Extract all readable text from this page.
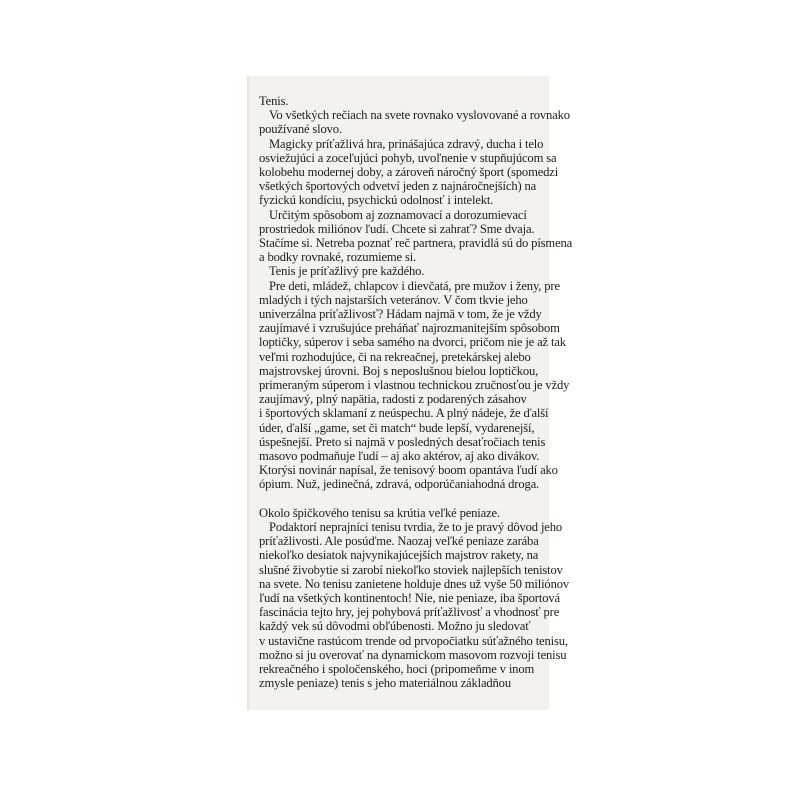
Tenis.
Vo všetkých rečiach na svete rovnako vyslovované a rovnako
používané slovo.
Magicky príťažlivá hra, prinášajúca zdravý, ducha i telo
osviežujúci a zoceľujúci pohyb, uvoľnenie v stupňujúcom sa
kolobehu modernej doby, a zároveň náročný šport (spomedzi
všetkých športových odvetví jeden z najnáročnejších) na
fyzickú kondíciu, psychickú odolnosť i intelekt.
Určitým spôsobom aj zoznamovací a dorozumievací
prostriedok miliónov ľudí. Chcete si zahrať? Sme dvaja.
Stačíme si. Netreba poznať reč partnera, pravidlá sú do písmena
a bodky rovnaké, rozumieme si.
Tenis je príťažlivý pre každého.
Pre deti, mládež, chlapcov i dievčatá, pre mužov i ženy, pre
mladých i tých najstarších veteránov. V čom tkvie jeho
univerzálna príťažlivosť? Hádam najmä v tom, že je vždy
zaujímavé i vzrušujúce preháňať najrozmanitejším spôsobom
loptičky, súperov i seba samého na dvorci, pričom nie je až tak
veľmi rozhodujúce, či na rekreačnej, pretekárskej alebo
majstrovskej úrovni. Boj s neposlušnou bielou loptičkou,
primeraným súperom i vlastnou technickou zručnosťou je vždy
zaujímavý, plný napätia, radosti z podarených zásahov
i športových sklamaní z neúspechu. A plný nádeje, že ďalší
úder, ďalší „game, set či match“ bude lepší, vydarenejší,
úspešnejší. Preto si najmä v posledných desaťročiach tenis
masovo podmaňuje ľudí – aj ako aktérov, aj ako divákov.
Ktorýsi novinár napísal, že tenisový boom opantáva ľudí ako
ópium. Nuž, jedinečná, zdravá, odporúčaniahodná droga.
Okolo špičkového tenisu sa krútia veľké peniaze.
Podaktorí neprajníci tenisu tvrdia, že to je pravý dôvod jeho
príťažlivosti. Ale posúďme. Naozaj veľké peniaze zarába
niekoľko desiatok najvynikajúcejších majstrov rakety, na
slušné živobytie si zarobí niekoľko stoviek najlepších tenistov
na svete. No tenisu zanietene holduje dnes už vyše 50 miliónov
ľudí na všetkých kontinentoch! Nie, nie peniaze, iba športová
fascinácia tejto hry, jej pohybová príťažlivosť a vhodnosť pre
každý vek sú dôvodmi obľúbenosti. Možno ju sledovať
v ustavične rastúcom trende od prvopočiatku súťažného tenisu,
možno si ju overovať na dynamickom masovom rozvoji tenisu
rekreačného i spoločenského, hoci (pripomeňme v inom
zmysle peniaze) tenis s jeho materiálnou základňou
